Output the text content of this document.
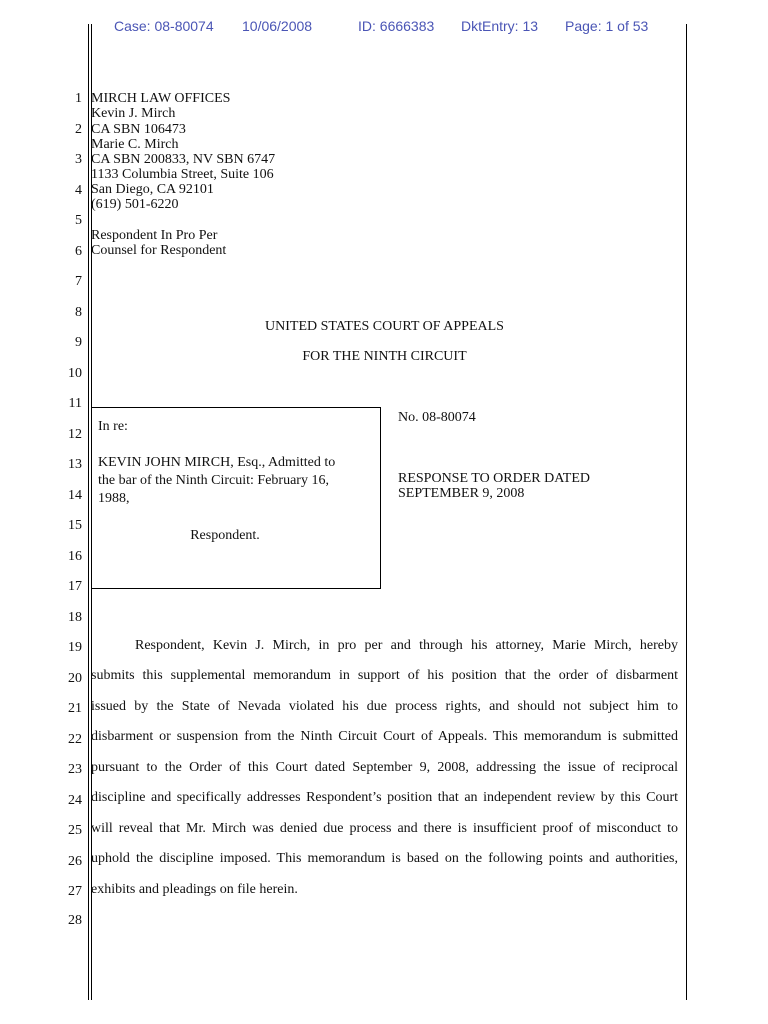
Case: 08-80074 10/06/2008	ID: 6666383 DktEntry: 13 Page: 1 of 53
1
2
3
4
5
6
7
8
9
10
11
12
13
14
15
16
17
18
19
20
21
22
23
24
25
26
27
28
MIRCH LAW OFFICES
Kevin J. Mirch
CA SBN 106473
Marie C. Mirch
CA SBN 200833, NV SBN 6747
1133 Columbia Street, Suite 106
San Diego, CA 92101
(619) 501-6220
Respondent In Pro Per
Counsel for Respondent
UNITED STATES COURT OF APPEALS
FOR THE NINTH CIRCUIT
In re:
KEVIN JOHN MIRCH, Esq., Admitted to
the bar of the Ninth Circuit: February 16,
1988,
Respondent.
No. 08-80074
RESPONSE TO ORDER DATED
SEPTEMBER 9, 2008
Respondent, Kevin J. Mirch, in pro per and through his attorney, Marie Mirch, hereby
submits this supplemental memorandum in support of his position that the order of disbarment
issued by the State of Nevada violated his due process rights, and should not subject him to
disbarment or suspension from the Ninth Circuit Court of Appeals. This memorandum is submitted
pursuant to the Order of this Court dated September 9, 2008, addressing the issue of reciprocal
discipline and specifically addresses Respondent’s position that an independent review by this Court
will reveal that Mr. Mirch was denied due process and there is insufficient proof of misconduct to
uphold the discipline imposed. This memorandum is based on the following points and authorities,
exhibits and pleadings on file herein.
